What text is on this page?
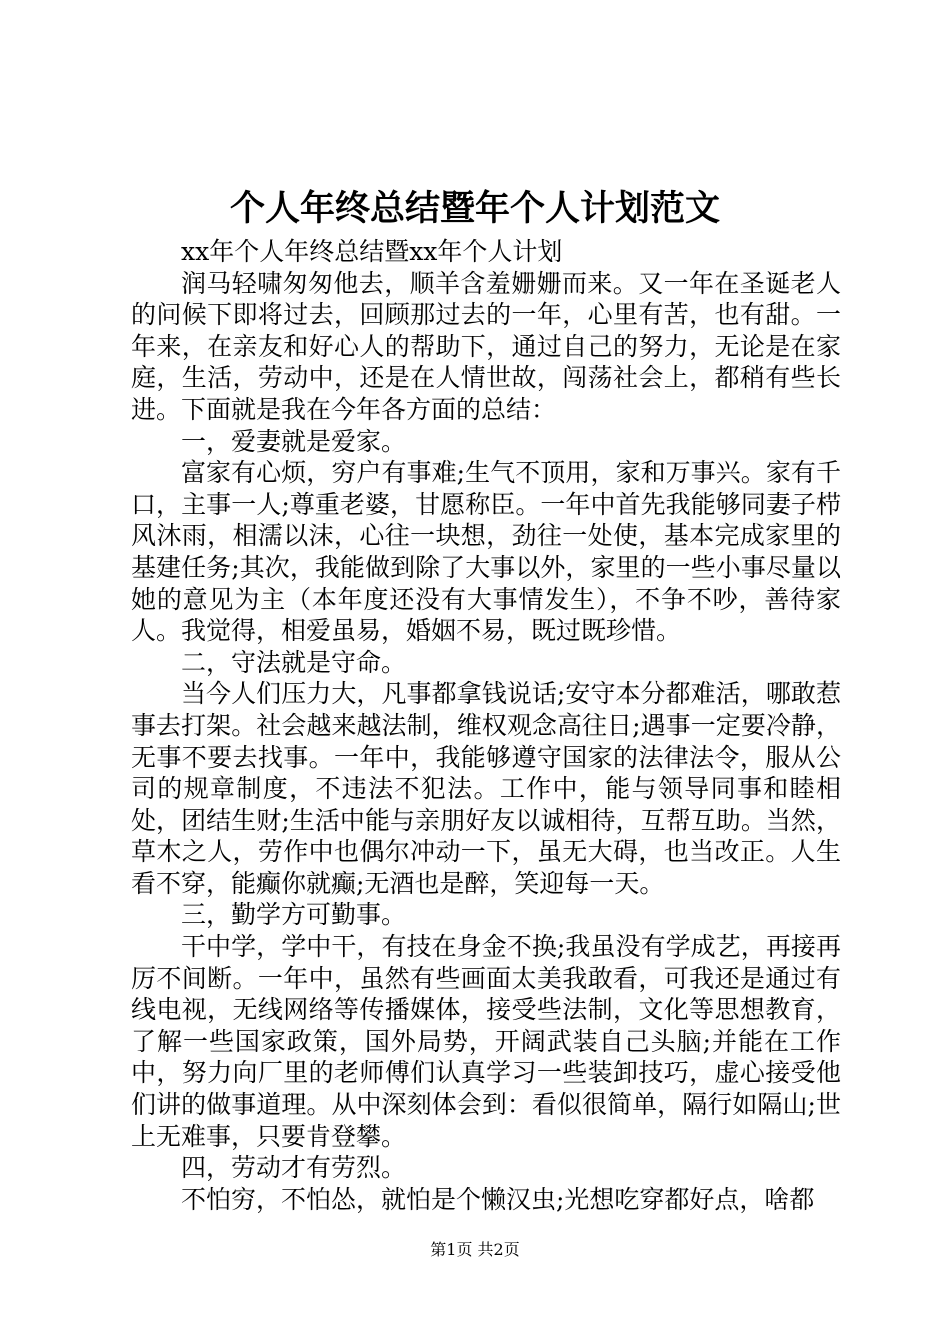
个人年终总结暨年个人计划范文

xx年个人年终总结暨xx年个人计划

润马轻啸匆匆他去，顺羊含羞姗姗而来。又一年在圣诞老人的问候下即将过去，回顾那过去的一年，心里有苦，也有甜。一年来，在亲友和好心人的帮助下，通过自己的努力，无论是在家庭，生活，劳动中，还是在人情世故，闯荡社会上，都稍有些长进。下面就是我在今年各方面的总结：

一，爱妻就是爱家。

富家有心烦，穷户有事难;生气不顶用，家和万事兴。家有千口，主事一人;尊重老婆，甘愿称臣。一年中首先我能够同妻子栉风沐雨，相濡以沫，心往一块想，劲往一处使，基本完成家里的基建任务;其次，我能做到除了大事以外，家里的一些小事尽量以她的意见为主（本年度还没有大事情发生），不争不吵，善待家人。我觉得，相爱虽易，婚姻不易，既过既珍惜。

二，守法就是守命。

当今人们压力大，凡事都拿钱说话;安守本分都难活，哪敢惹事去打架。社会越来越法制，维权观念高往日;遇事一定要冷静，无事不要去找事。一年中，我能够遵守国家的法律法令，服从公司的规章制度，不违法不犯法。工作中，能与领导同事和睦相处，团结生财;生活中能与亲朋好友以诚相待，互帮互助。当然，草木之人，劳作中也偶尔冲动一下，虽无大碍，也当改正。人生看不穿，能癫你就癫;无酒也是醉，笑迎每一天。

三，勤学方可勤事。

干中学，学中干，有技在身金不换;我虽没有学成艺，再接再厉不间断。一年中，虽然有些画面太美我敢看，可我还是通过有线电视，无线网络等传播媒体，接受些法制，文化等思想教育，了解一些国家政策，国外局势，开阔武装自己头脑;并能在工作中，努力向厂里的老师傅们认真学习一些装卸技巧，虚心接受他们讲的做事道理。从中深刻体会到：看似很简单，隔行如隔山;世上无难事，只要肯登攀。

四，劳动才有劳烈。

不怕穷，不怕怂，就怕是个懒汉虫;光想吃穿都好点，啥都

第1页 共2页
